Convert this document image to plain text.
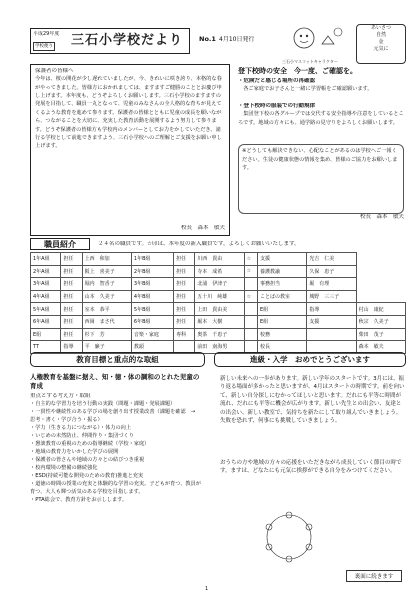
平成29年度
学校便り 三石小学校だより No.1 4月10日発行
三石小マスコットキャラクター
あいさつ
自然
金
元気に
保護者の皆様へ
今年は、桜の開花が少し遅れていましたが、今、きれいに咲き誇り、本格的な春がやってきました。皆様方におかれましては、ますますご健勝のこととお慶び申し上げます。本年度も、どうぞよろしくお願いします。三石小学校のますますの発展を目指して、職員一丸となって、児童のみなさんの全人格的な育ちが見えてくるような教育を進めて参ります。保護者の皆様とともに児童の成長を願いながら、つながることを大切に、充実した教育活動を展開するよう努力して参ります。どうぞ保護者の皆様方も学校内のメンバーとしてお力をかしていただき、諸行る学校として前進できますよう、三石小学校へのご理解とご支援をお願い申し上げます。
校長　森本　敏夫
登下校時の安全　今一度、ご確認を。
・危険だと感じる場所の再確認
　各ご家庭でお子さんと一緒に学習帳をご確認願います。
・登下校時の服装での行動規律
　集団登下校の各グループでは交代する安全指導や注意をしているところです。地域の方々にも、通学路の見守りをよろしくお願いします。
※どうしても解決できない、心配なことがあるのは学校へご一報ください。生徒の健康状態の情報を集め、皆様のご協力をお願いします。
校長　森本　敏夫
職員紹介	２４名の職員です。☆印は、本年度の新入職員です。よろしくお願いいたします。
1年A組	担任	上西　和加	1年B組	担任	川西　貴由	☆	支援	光吉　仁美	
2年A組	担任	阪上　喜美子	2年B組	担任	寺本　成希	☆	養護教諭	久保　恵子	
3年A組	担任	堀内　智香子	3年B組	担任	北浦　伊津子		事務担当	堀　有理	
4年A組	担任	山本　久美子	4年B組	担任	五十川　純雄	☆	ことばの教室	城野　三三子	
5年A組	担任	室本　恭平	5年B組	担任	上田　貴由美		E組	指導	村山　康紀
6年A組	担任	西岡　まさ代	6年B組	担任	堀本　大樹		E組	支援	秋宗　久美子
E組	担任	杉下　芳	音楽・家庭	専科	奥茶　千恵子		校務		柴田　茂子
TT	指導	平　廉子	教頭		前田　南海男		校長		森本　敏夫
教育目標と重点的な取組
人権教育を基盤に据え、知・徳・体の調和のとれた児童の育成
重点とする考え方・取組
・自主的な学習力を培う行動の実践（問題・課題・発展課題）
・一貫性や継続性のある学びの場を創り出す授業改善（課題を確認　→　思考・書く・学び合う・振る）
・学力（生きる力につながる）・体力の向上
・いじめの未然防止、仲間作り・集団づくり
・懇談教育の重視のための指導継続（学校・家庭）
・地域の教育力をいかした学びの展開
・保護者の皆さんや地域の方々との結びつき重視
・校内環境の整備の継続強化
・ESD(持続可能な開発のための教育)推進と充実
・道徳の時間の授業の充実と体験的な学習の充実。子どもが育つ、教員が育つ、大人も輝つ活気のある学校を目指します。
・PTA総会で、教育方針をお示しします。
進級・入学　おめでとうございます
新しい未来への一歩があります。新しい学年のスタートです。3月には、振り返る場面が多かったと思いますが、4月はスタートの時期です。前を向いて、新しい自分探しにむかってほしいと思います。だれにも平等に時間が流れ、だれにも平等に機会が広がります。新しい先生との出会い、友達との出会い、新しい教室で、気持ちを新たにして取り組んでいきましょう。失敗を恐れず、何事にも挑戦していきましょう。
おうちの方や地域の方々の応援をいただきながら成長していく節目の時です。ますは、どなたにも元気に挨拶ができる自分をみつけてください。
裏面に続きます
1
